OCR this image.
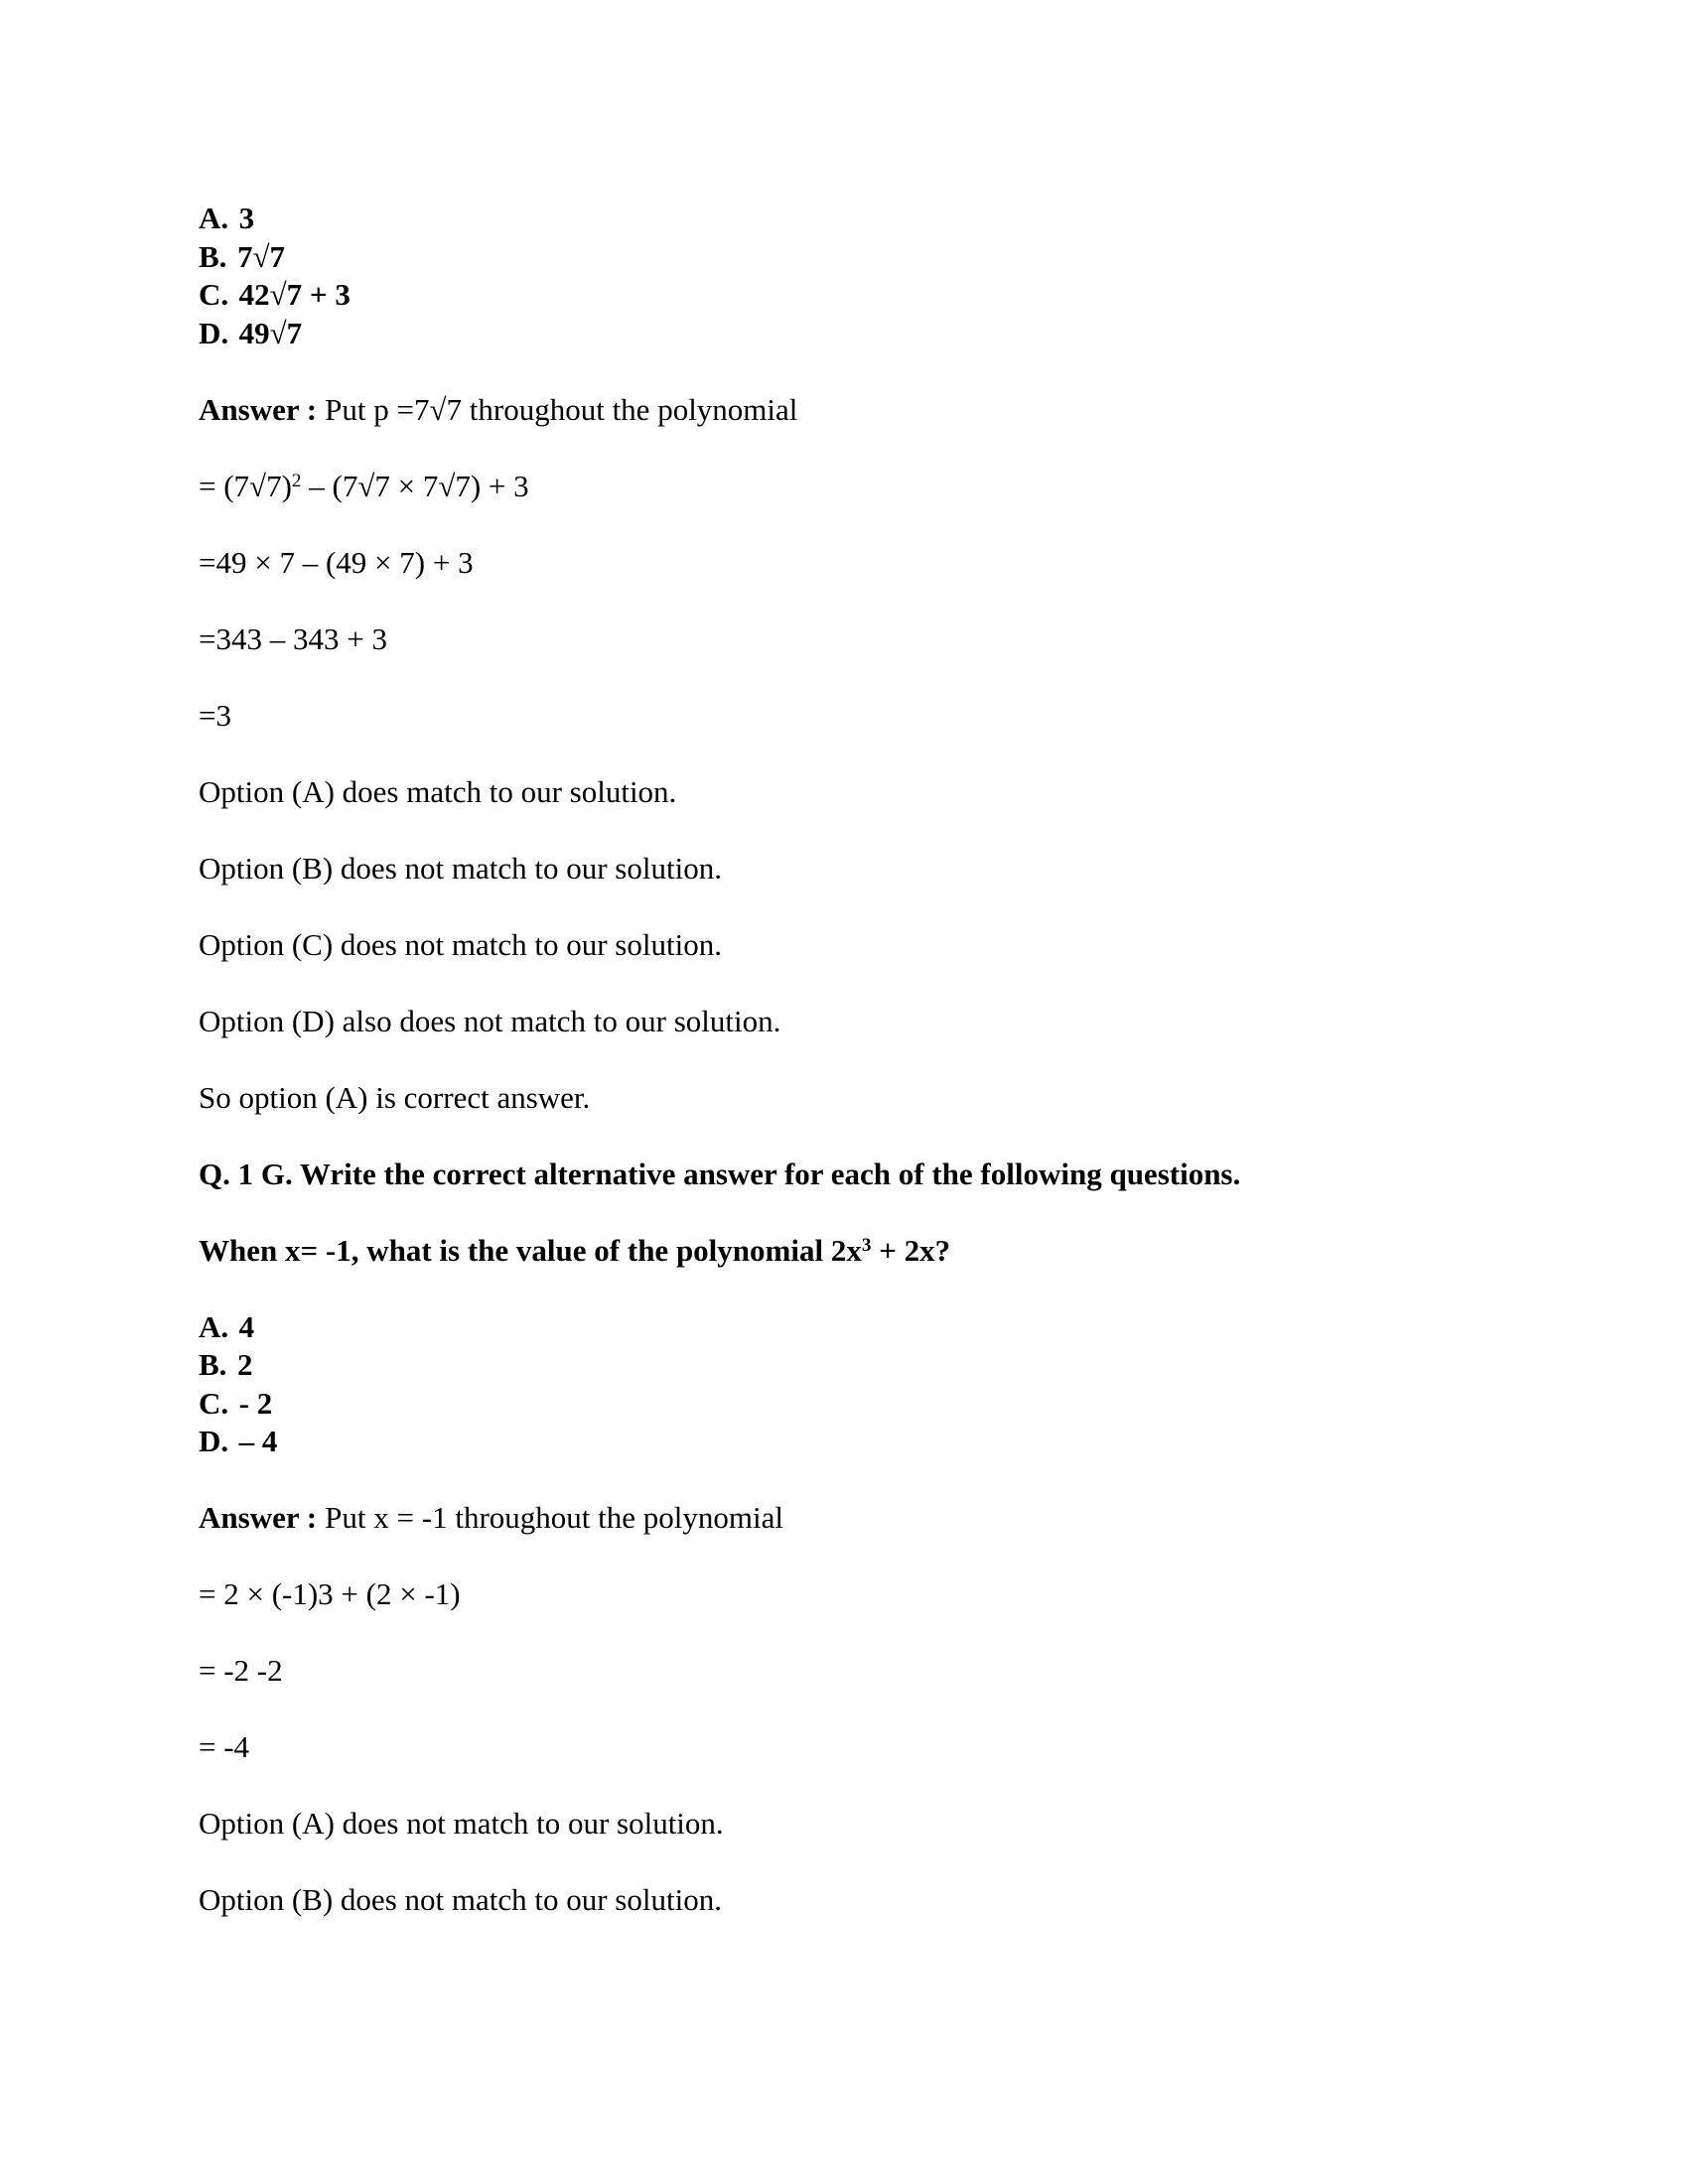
A. 3
B. 7√7
C. 42√7 + 3
D. 49√7

Answer : Put p =7√7 throughout the polynomial

= $(7√7)^2 - (7√7 \times 7√7) + 3$

=49 × 7 – (49 × 7) + 3

=343 – 343 + 3

=3

Option (A) does match to our solution.

Option (B) does not match to our solution.

Option (C) does not match to our solution.

Option (D) also does not match to our solution.

So option (A) is correct answer.

Q. 1 G. Write the correct alternative answer for each of the following questions.

When x= -1, what is the value of the polynomial $2x^3 + 2x$?

A. 4
B. 2
C. - 2
D. – 4

Answer : Put x = -1 throughout the polynomial

= 2 × (-1)3 + (2 × -1)

= -2 -2

= -4

Option (A) does not match to our solution.

Option (B) does not match to our solution.
